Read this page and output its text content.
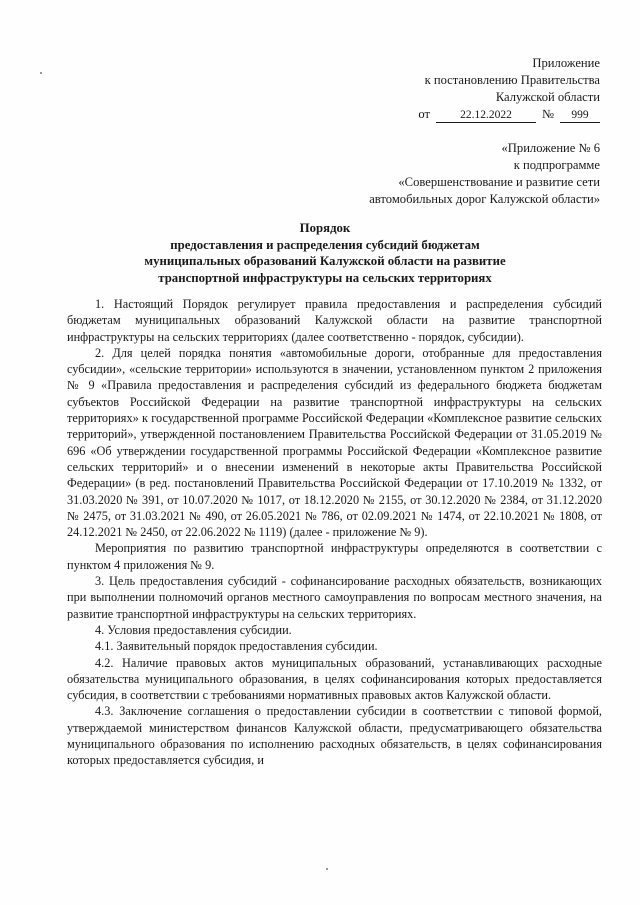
Приложение
к постановлению Правительства
Калужской области
от	22.12.2022	№	999
«Приложение № 6
к подпрограмме
«Совершенствование и развитие сети
автомобильных дорог Калужской области»
Порядок
предоставления и распределения субсидий бюджетам
муниципальных образований Калужской области на развитие
транспортной инфраструктуры на сельских территориях

1. Настоящий Порядок регулирует правила предоставления и распределения субсидий бюджетам муниципальных образований Калужской области на развитие транспортной инфраструктуры на сельских территориях (далее соответственно - порядок, субсидии).

2. Для целей порядка понятия «автомобильные дороги, отобранные для предоставления субсидии», «сельские территории» используются в значении, установленном пунктом 2 приложения № 9 «Правила предоставления и распределения субсидий из федерального бюджета бюджетам субъектов Российской Федерации на развитие транспортной инфраструктуры на сельских территориях» к государственной программе Российской Федерации «Комплексное развитие сельских территорий», утвержденной постановлением Правительства Российской Федерации от 31.05.2019 № 696 «Об утверждении государственной программы Российской Федерации «Комплексное развитие сельских территорий» и о внесении изменений в некоторые акты Правительства Российской Федерации» (в ред. постановлений Правительства Российской Федерации от 17.10.2019 № 1332, от 31.03.2020 № 391, от 10.07.2020 № 1017, от 18.12.2020 № 2155, от 30.12.2020 № 2384, от 31.12.2020 № 2475, от 31.03.2021 № 490, от 26.05.2021 № 786, от 02.09.2021 № 1474, от 22.10.2021 № 1808, от 24.12.2021 № 2450, от 22.06.2022 № 1119) (далее - приложение № 9).

Мероприятия по развитию транспортной инфраструктуры определяются в соответствии с пунктом 4 приложения № 9.

3. Цель предоставления субсидий - софинансирование расходных обязательств, возникающих при выполнении полномочий органов местного самоуправления по вопросам местного значения, на развитие транспортной инфраструктуры на сельских территориях.

4. Условия предоставления субсидии.

4.1. Заявительный порядок предоставления субсидии.

4.2. Наличие правовых актов муниципальных образований, устанавливающих расходные обязательства муниципального образования, в целях софинансирования которых предоставляется субсидия, в соответствии с требованиями нормативных правовых актов Калужской области.

4.3. Заключение соглашения о предоставлении субсидии в соответствии с типовой формой, утверждаемой министерством финансов Калужской области, предусматривающего обязательства муниципального образования по исполнению расходных обязательств, в целях софинансирования которых предоставляется субсидия, и
